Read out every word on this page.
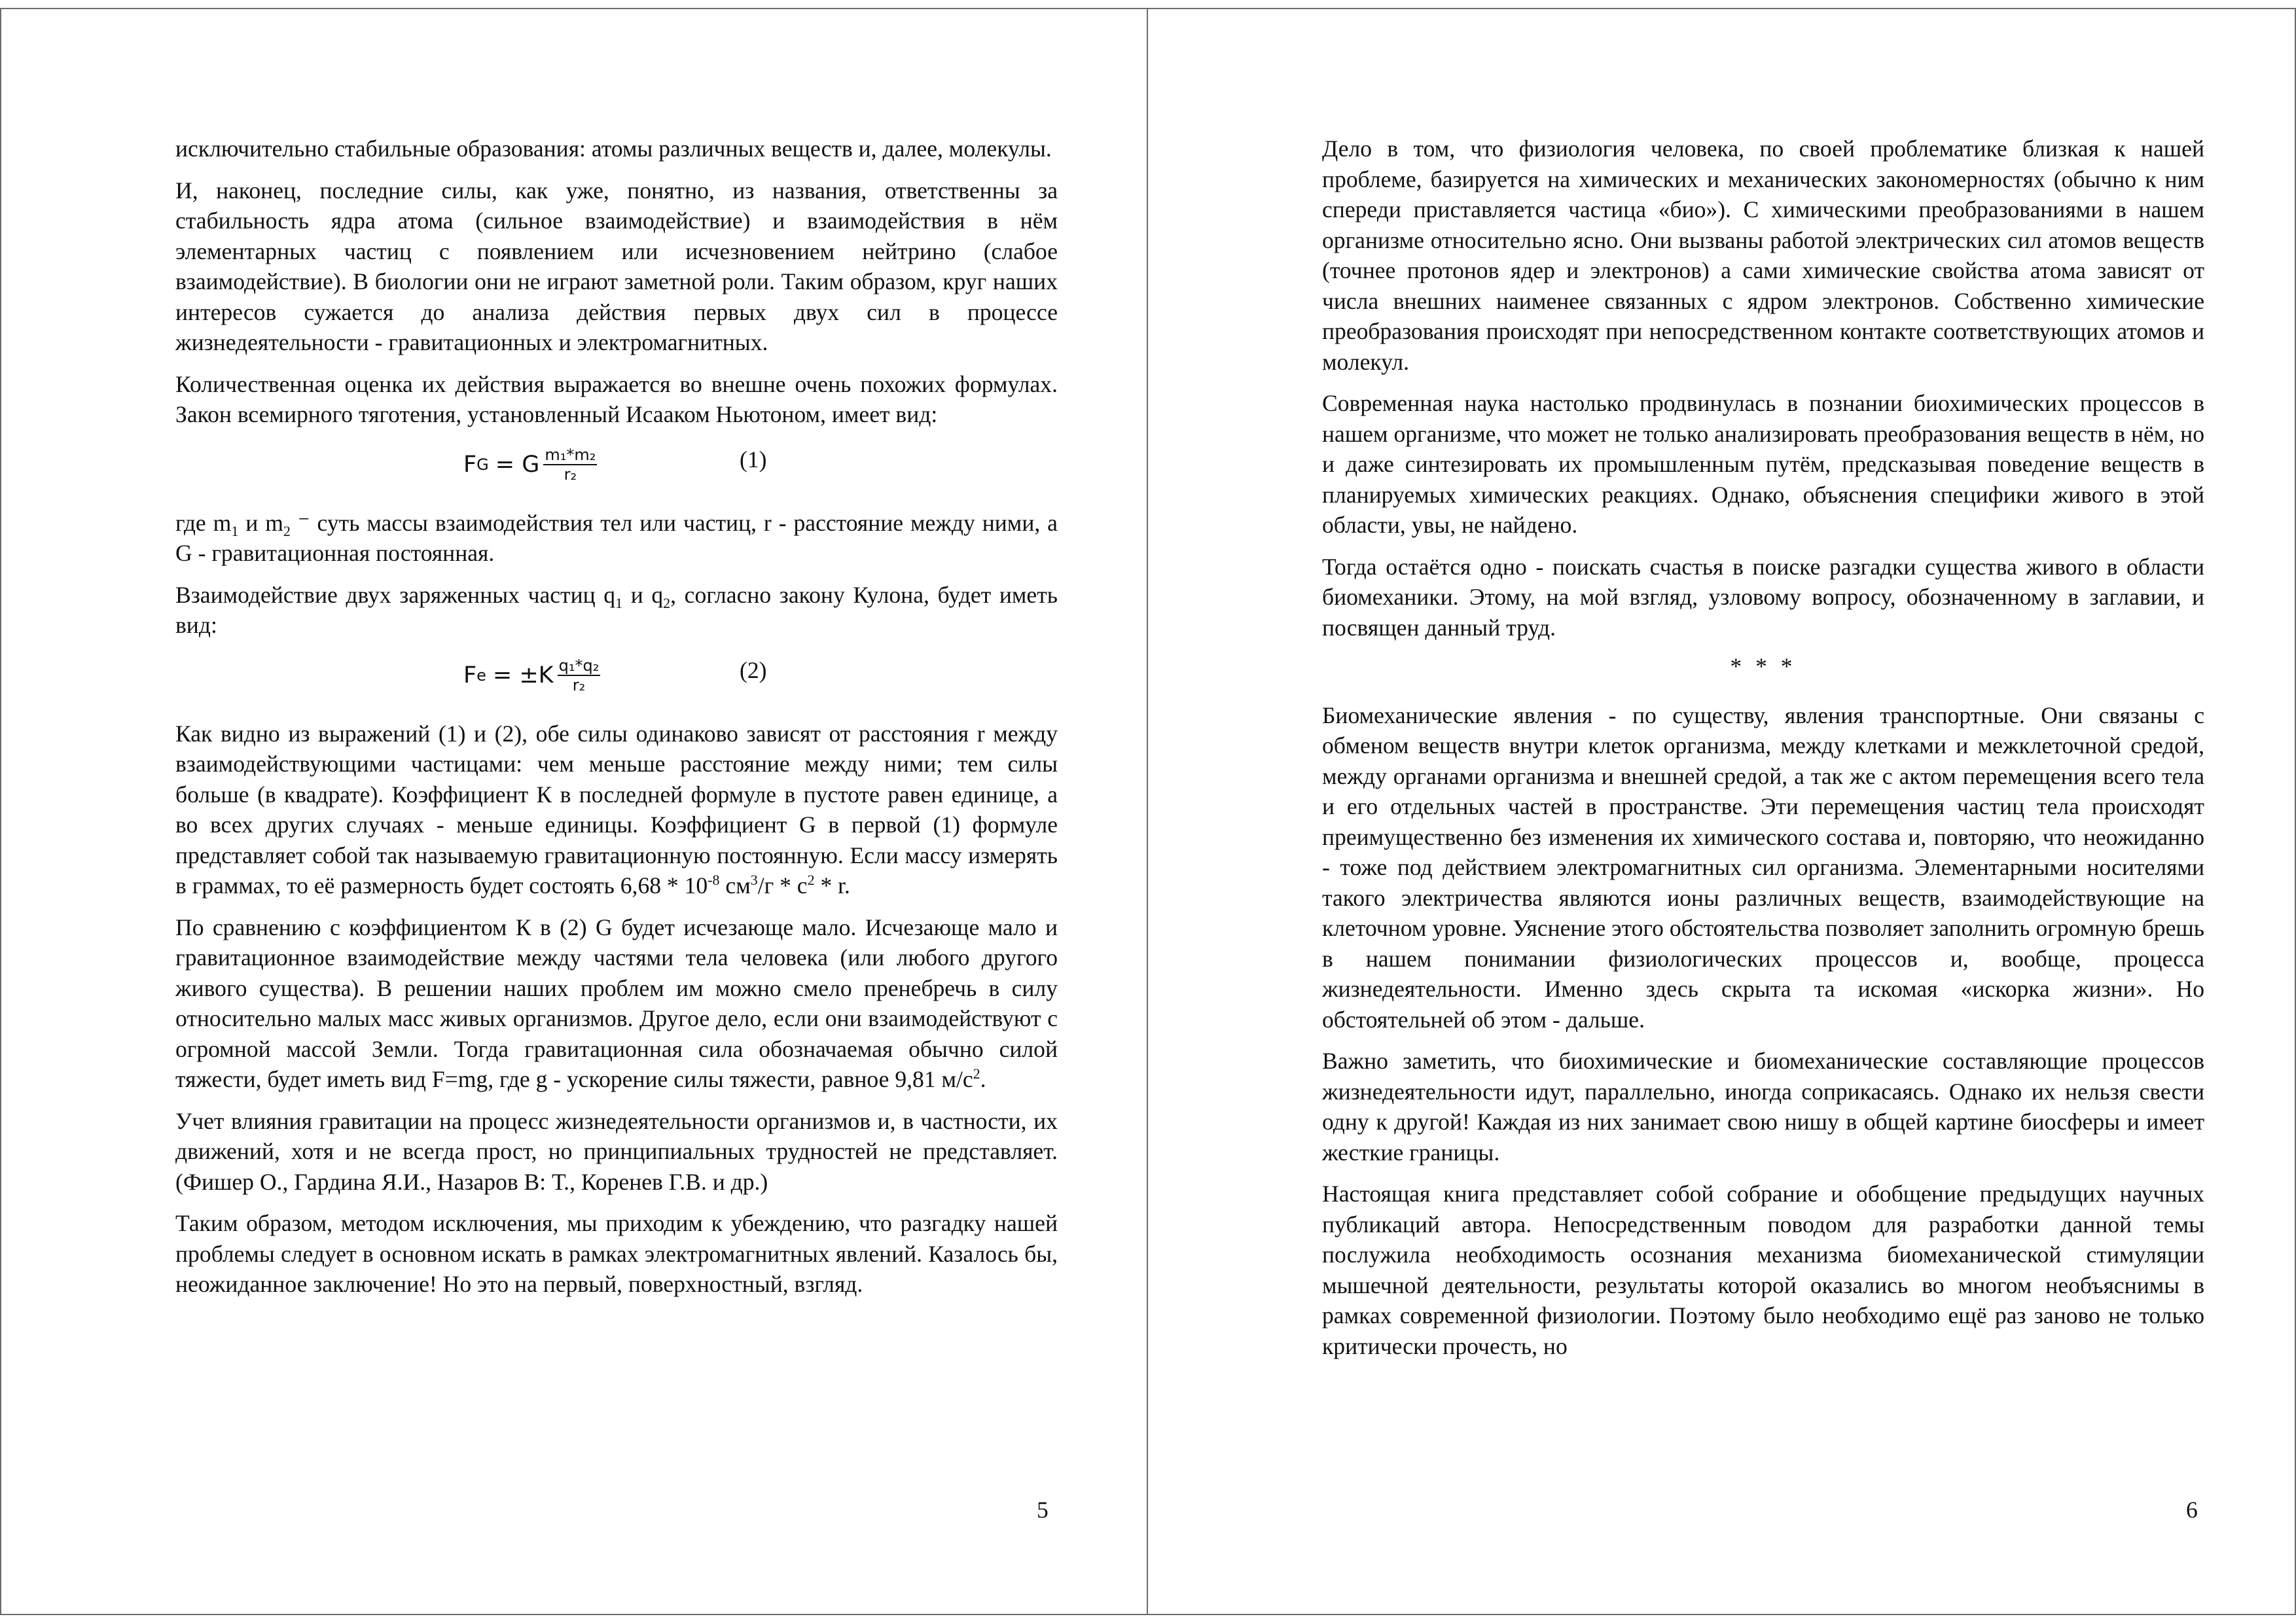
исключительно стабильные образования: атомы различных веществ и, далее, молекулы.

И, наконец, последние силы, как уже, понятно, из названия, ответственны за стабильность ядра атома (сильное взаимодействие) и взаимодействия в нём элементарных частиц с появлением или исчезновением нейтрино (слабое взаимодействие). В биологии они не играют заметной роли. Таким образом, круг наших интересов сужается до анализа действия первых двух сил в процессе жизнедеятельности - гравитационных и электромагнитных.

Количественная оценка их действия выражается во внешне очень похожих формулах. Закон всемирного тяготения, установленный Исааком Ньютоном, имеет вид:

F G = G $\frac{\text{m₁*m₂}}{\text{r₂}}$	(1)

где $m_1$ и $m_2$ ⁻ суть массы взаимодействия тел или частиц, r - расстояние между ними, а G - гравитационная постоянная.

Взаимодействие двух заряженных частиц $q_1$ и $q_2$, согласно закону Кулона, будет иметь вид:

F $e = \pm K \frac{\text{q₁*q₂}}{\text{r₂}}$	(2)

Как видно из выражений (1) и (2), обе силы одинаково зависят от расстояния r между взаимодействующими частицами: чем меньше расстояние между ними; тем силы больше (в квадрате). Коэффициент К в последней формуле в пустоте равен единице, а во всех других случаях - меньше единицы. Коэффициент G в первой (1) формуле представляет собой так называемую гравитационную постоянную. Если массу измерять в граммах, то её размерность будет состоять $6,68 * 10^{-8}$ $см^3/г * с^2$ * r.

По сравнению с коэффициентом К в (2) G будет исчезающе мало. Исчезающе мало и гравитационное взаимодействие между частями тела человека (или любого другого живого существа). В решении наших проблем им можно смело пренебречь в силу относительно малых масс живых организмов. Другое дело, если они взаимодействуют с огромной массой Земли. Тогда гравитационная сила обозначаемая обычно силой тяжести, будет иметь вид F=mg, где g - ускорение силы тяжести, равное 9,81 $м/с^2$.

Учет влияния гравитации на процесс жизнедеятельности организмов и, в частности, их движений, хотя и не всегда прост, но принципиальных трудностей не представляет. (Фишер О., Гардина Я.И., Назаров В: Т., Коренев Г.В. и др.)

Таким образом, методом исключения, мы приходим к убеждению, что разгадку нашей проблемы следует в основном искать в рамках электромагнитных явлений. Казалось бы, неожиданное заключение! Но это на первый, поверхностный, взгляд.

5

Дело в том, что физиология человека, по своей проблематике близкая к нашей проблеме, базируется на химических и механических закономерностях (обычно к ним спереди приставляется частица «био»). С химическими преобразованиями в нашем организме относительно ясно. Они вызваны работой электрических сил атомов веществ (точнее протонов ядер и электронов) а сами химические свойства атома зависят от числа внешних наименее связанных с ядром электронов. Собственно химические преобразования происходят при непосредственном контакте соответствующих атомов и молекул.

Современная наука настолько продвинулась в познании биохимических процессов в нашем организме, что может не только анализировать преобразования веществ в нём, но и даже синтезировать их промышленным путём, предсказывая поведение веществ в планируемых химических реакциях. Однако, объяснения специфики живого в этой области, увы, не найдено.

Тогда остаётся одно - поискать счастья в поиске разгадки существа живого в области биомеханики. Этому, на мой взгляд, узловому вопросу, обозначенному в заглавии, и посвящен данный труд.

* * *

Биомеханические явления - по существу, явления транспортные. Они связаны с обменом веществ внутри клеток организма, между клетками и межклеточной средой, между органами организма и внешней средой, а так же с актом перемещения всего тела и его отдельных частей в пространстве. Эти перемещения частиц тела происходят преимущественно без изменения их химического состава и, повторяю, что неожиданно - тоже под действием электромагнитных сил организма. Элементарными носителями такого электричества являются ионы различных веществ, взаимодействующие на клеточном уровне. Уяснение этого обстоятельства позволяет заполнить огромную брешь в нашем понимании физиологических процессов и, вообще, процесса жизнедеятельности. Именно здесь скрыта та искомая «искорка жизни». Но обстоятельней об этом - дальше.

Важно заметить, что биохимические и биомеханические составляющие процессов жизнедеятельности идут, параллельно, иногда соприкасаясь. Однако их нельзя свести одну к другой! Каждая из них занимает свою нишу в общей картине биосферы и имеет жесткие границы.

Настоящая книга представляет собой собрание и обобщение предыдущих научных публикаций автора. Непосредственным поводом для разработки данной темы послужила необходимость осознания механизма биомеханической стимуляции мышечной деятельности, результаты которой оказались во многом необъяснимы в рамках современной физиологии. Поэтому было необходимо ещё раз заново не только критически прочесть, но

6
